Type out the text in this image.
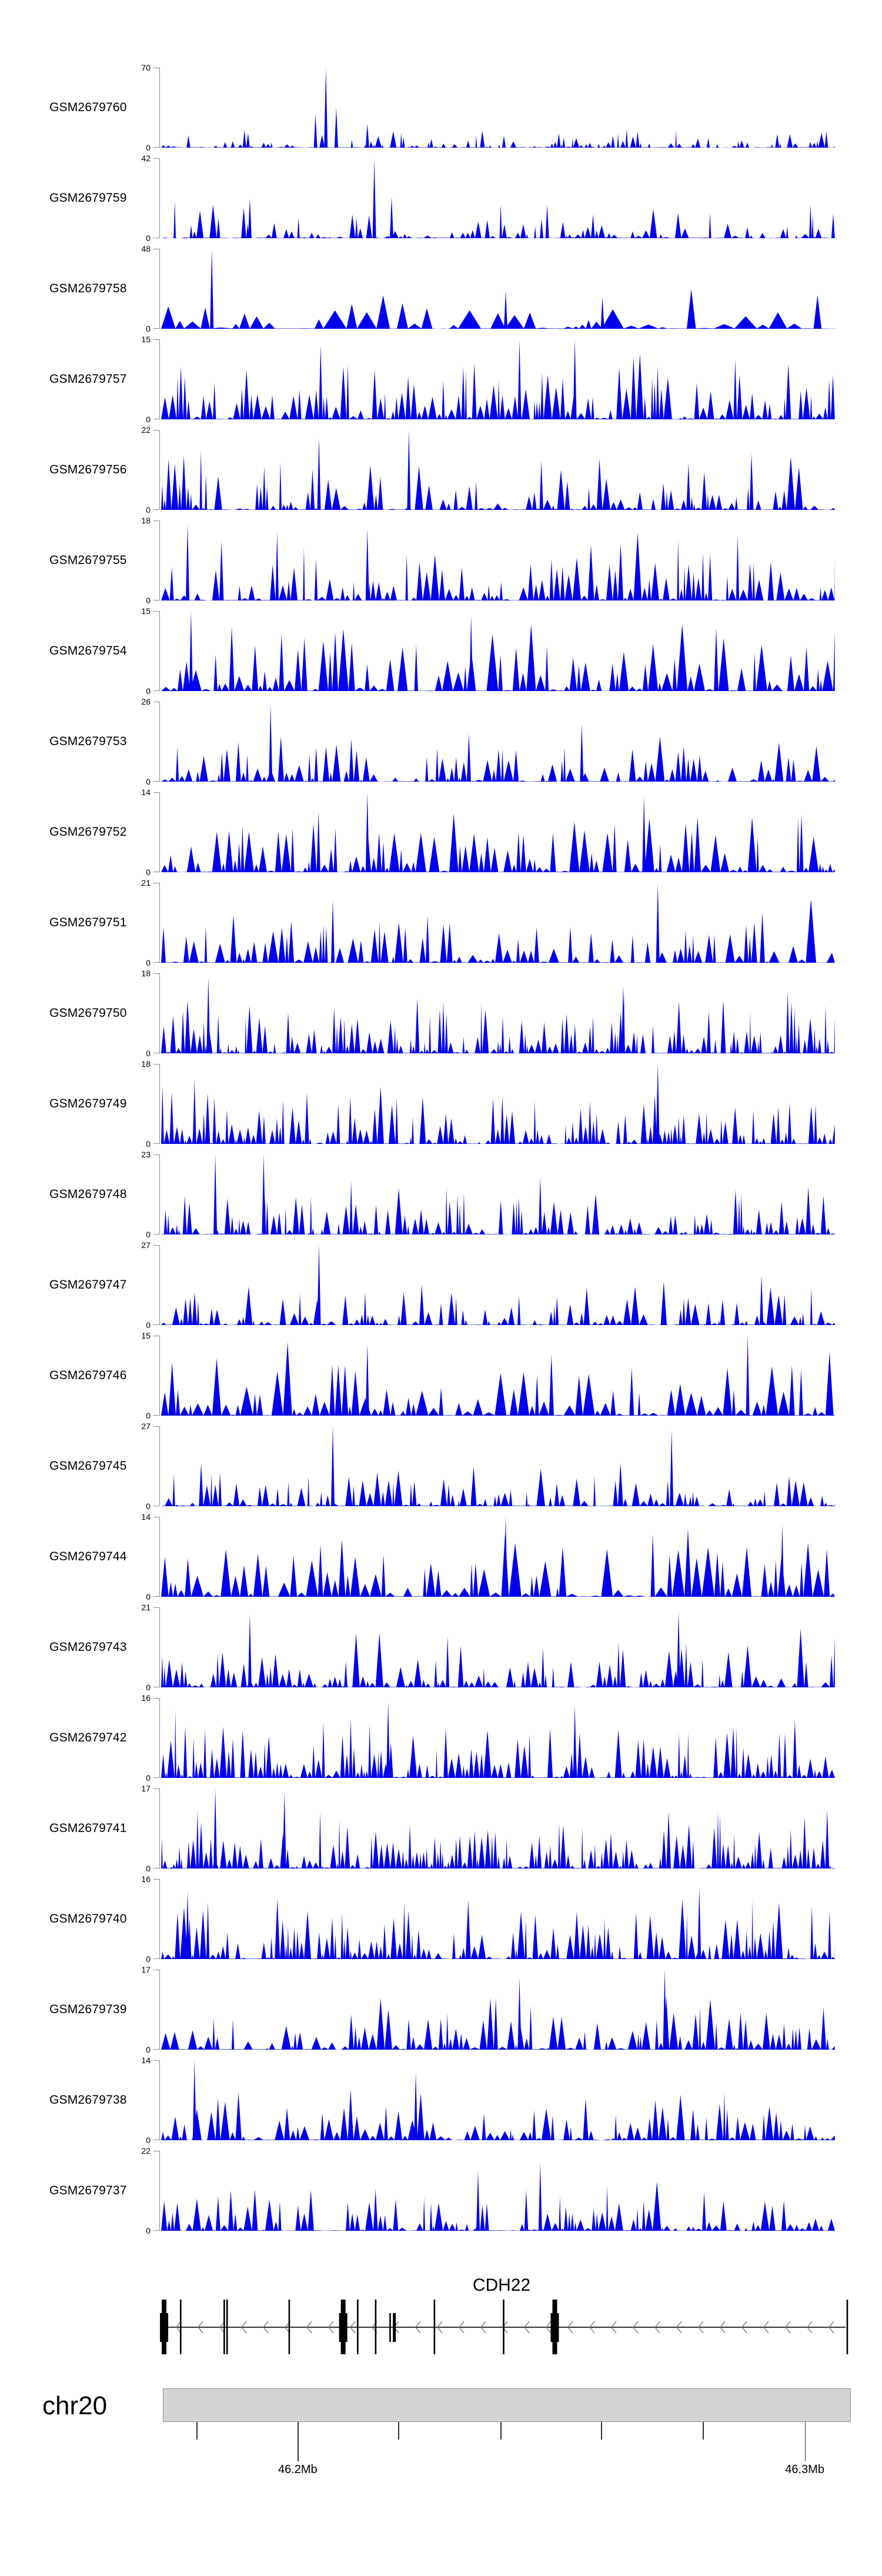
GSM2679760
70
0
GSM2679759
42
0
GSM2679758
48
0
GSM2679757
15
0
GSM2679756
22
0
GSM2679755
18
0
GSM2679754
15
0
GSM2679753
26
0
GSM2679752
14
0
GSM2679751
21
0
GSM2679750
18
0
GSM2679749
18
0
GSM2679748
23
0
GSM2679747
27
0
GSM2679746
15
0
GSM2679745
27
0
GSM2679744
14
0
GSM2679743
21
0
GSM2679742
16
0
GSM2679741
17
0
GSM2679740
16
0
GSM2679739
17
0
GSM2679738
14
0
GSM2679737
22
0
CDH22
chr20
46.2Mb	46.3Mb
